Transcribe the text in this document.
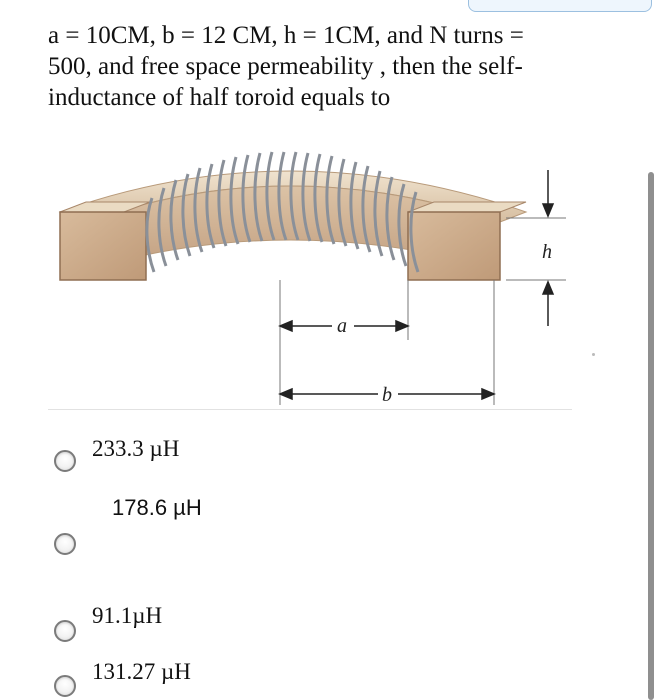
a = 10CM, b = 12 CM, h = 1CM, and N turns =
500, and free space permeability , then the self-
inductance of half toroid equals to
h
a
b
233.3 µH
178.6 µH
91.1µH
131.27 µH
